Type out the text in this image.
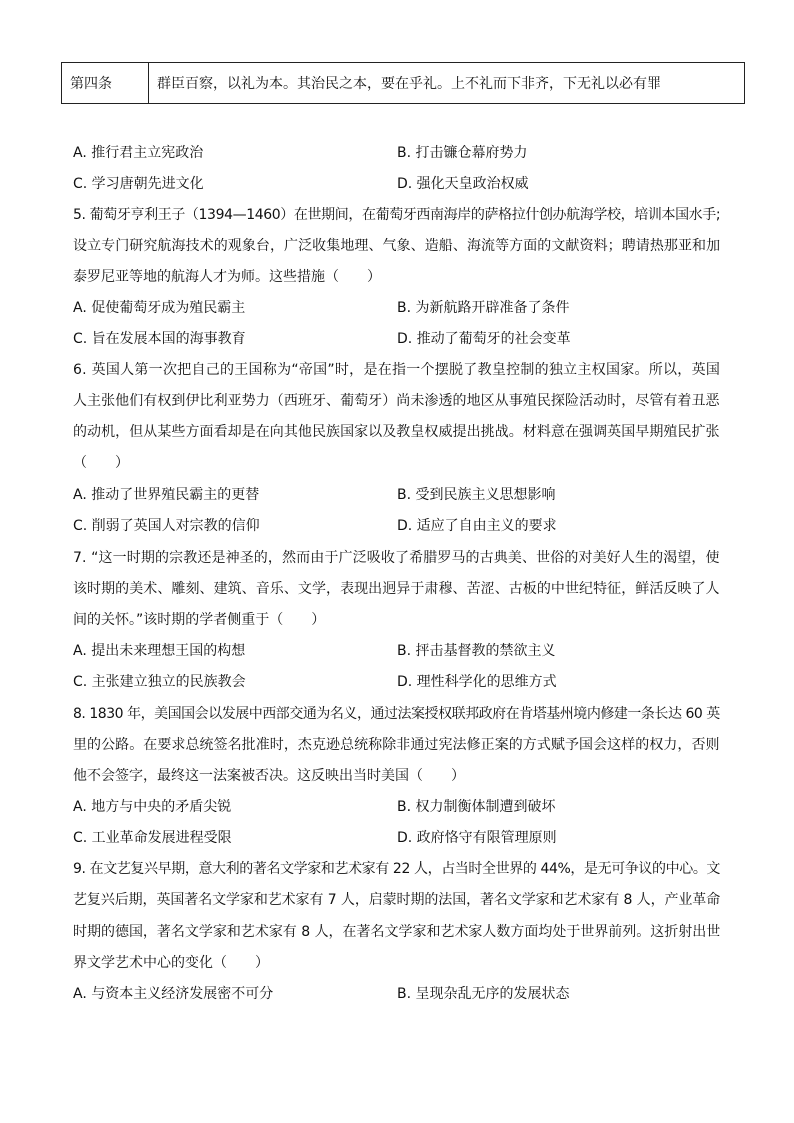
第四条	群臣百察，以礼为本。其治民之本，要在乎礼。上不礼而下非齐，下无礼以必有罪
A. 推行君主立宪政治	B. 打击镰仓幕府势力
C. 学习唐朝先进文化	D. 强化天皇政治权威
5. 葡萄牙亨利王子（1394—1460）在世期间，在葡萄牙西南海岸的萨格拉什创办航海学校，培训本国水手;
设立专门研究航海技术的观象台，广泛收集地理、气象、造船、海流等方面的文献资料；聘请热那亚和加
泰罗尼亚等地的航海人才为师。这些措施（　　）
A. 促使葡萄牙成为殖民霸主	B. 为新航路开辟准备了条件
C. 旨在发展本国的海事教育	D. 推动了葡萄牙的社会变革
6. 英国人第一次把自己的王国称为“帝国”时，是在指一个摆脱了教皇控制的独立主权国家。所以，英国
人主张他们有权到伊比利亚势力（西班牙、葡萄牙）尚未渗透的地区从事殖民探险活动时，尽管有着丑恶
的动机，但从某些方面看却是在向其他民族国家以及教皇权威提出挑战。材料意在强调英国早期殖民扩张
（　　）
A. 推动了世界殖民霸主的更替	B. 受到民族主义思想影响
C. 削弱了英国人对宗教的信仰	D. 适应了自由主义的要求
7. “这一时期的宗教还是神圣的，然而由于广泛吸收了希腊罗马的古典美、世俗的对美好人生的渴望，使
该时期的美术、雕刻、建筑、音乐、文学，表现出迥异于肃穆、苦涩、古板的中世纪特征，鲜活反映了人
间的关怀。”该时期的学者侧重于（　　）
A. 提出未来理想王国的构想	B. 抨击基督教的禁欲主义
C. 主张建立独立的民族教会	D. 理性科学化的思维方式
8. 1830 年，美国国会以发展中西部交通为名义，通过法案授权联邦政府在肯塔基州境内修建一条长达 60 英
里的公路。在要求总统签名批准时，杰克逊总统称除非通过宪法修正案的方式赋予国会这样的权力，否则
他不会签字，最终这一法案被否决。这反映出当时美国（　　）
A. 地方与中央的矛盾尖锐	B. 权力制衡体制遭到破坏
C. 工业革命发展进程受限	D. 政府恪守有限管理原则
9. 在文艺复兴早期，意大利的著名文学家和艺术家有 22 人，占当时全世界的 44%，是无可争议的中心。文
艺复兴后期，英国著名文学家和艺术家有 7 人，启蒙时期的法国，著名文学家和艺术家有 8 人，产业革命
时期的德国，著名文学家和艺术家有 8 人，在著名文学家和艺术家人数方面均处于世界前列。这折射出世
界文学艺术中心的变化（　　）
A. 与资本主义经济发展密不可分	B. 呈现杂乱无序的发展状态
